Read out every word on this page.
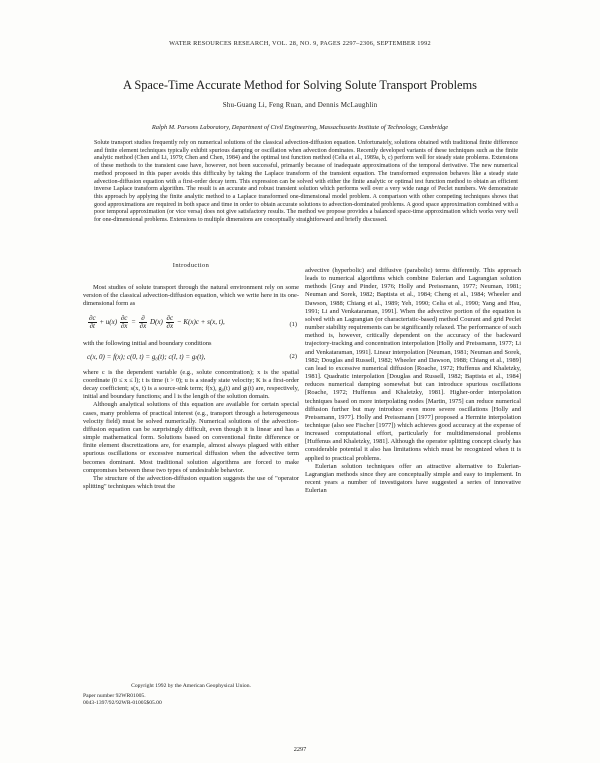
WATER RESOURCES RESEARCH, VOL. 28, NO. 9, PAGES 2297–2306, SEPTEMBER 1992
A Space-Time Accurate Method for Solving Solute Transport Problems
Shu-Guang Li, Feng Ruan, and Dennis McLaughlin
Ralph M. Parsons Laboratory, Department of Civil Engineering, Massachusetts Institute of Technology, Cambridge
Solute transport studies frequently rely on numerical solutions of the classical advection-diffusion equation. Unfortunately, solutions obtained with traditional finite difference and finite element techniques typically exhibit spurious damping or oscillation when advection dominates. Recently developed variants of these techniques such as the finite analytic method (Chen and Li, 1979; Chen and Chen, 1984) and the optimal test function method (Celia et al., 1989a, b, c) perform well for steady state problems. Extensions of these methods to the transient case have, however, not been successful, primarily because of inadequate approximations of the temporal derivative. The new numerical method proposed in this paper avoids this difficulty by taking the Laplace transform of the transient equation. The transformed expression behaves like a steady state advection-diffusion equation with a first-order decay term. This expression can be solved with either the finite analytic or optimal test function method to obtain an efficient inverse Laplace transform algorithm. The result is an accurate and robust transient solution which performs well over a very wide range of Peclet numbers. We demonstrate this approach by applying the finite analytic method to a Laplace transformed one-dimensional model problem. A comparison with other competing techniques shows that good approximations are required in both space and time in order to obtain accurate solutions to advection-dominated problems. A good space approximation combined with a poor temporal approximation (or vice versa) does not give satisfactory results. The method we propose provides a balanced space-time approximation which works very well for one-dimensional problems. Extensions to multiple dimensions are conceptually straightforward and briefly discussed.
Introduction

Most studies of solute transport through the natural environment rely on some version of the classical advection-diffusion equation, which we write here in its one-dimensional form as

$\frac{\partial c}{\partial t} + u(x) \frac{\partial c}{\partial x} = \frac{\partial}{\partial x} D(x) \frac{\partial c}{\partial x} - K(x)c + s(x$, t),	(1)

with the following initial and boundary conditions

c(x, 0) = f(x); c(0, t) = g₀(t); c(l, t) = gₗ(t),	(2)

where c is the dependent variable (e.g., solute concentration); x is the spatial coordinate (0 ≤ x ≤ l); t is time (t > 0); u is a steady state velocity; K is a first-order decay coefficient; s(x, t) is a source-sink term; f(x), g₀(t) and gₗ(t) are, respectively, initial and boundary functions; and l is the length of the solution domain.

Although analytical solutions of this equation are available for certain special cases, many problems of practical interest (e.g., transport through a heterogeneous velocity field) must be solved numerically. Numerical solutions of the advection-diffusion equation can be surprisingly difficult, even though it is linear and has a simple mathematical form. Solutions based on conventional finite difference or finite element discretizations are, for example, almost always plagued with either spurious oscillations or excessive numerical diffusion when the advective term becomes dominant. Most traditional solution algorithms are forced to make compromises between these two types of undesirable behavior.

The structure of the advection-diffusion equation suggests the use of "operator splitting" techniques which treat the

advective (hyperbolic) and diffusive (parabolic) terms differently. This approach leads to numerical algorithms which combine Eulerian and Lagrangian solution methods [Gray and Pinder, 1976; Holly and Preissmann, 1977; Neuman, 1981; Neuman and Sorek, 1982; Baptista et al., 1984; Cheng et al., 1984; Wheeler and Dawson, 1988; Chiang et al., 1989; Yeh, 1990; Celia et al., 1990; Yang and Hsu, 1991; Li and Venkataraman, 1991]. When the advective portion of the equation is solved with an Lagrangian (or characteristic-based) method Courant and grid Peclet number stability requirements can be significantly relaxed. The performance of such method is, however, critically dependent on the accuracy of the backward trajectory-tracking and concentration interpolation [Holly and Preissmann, 1977; Li and Venkataraman, 1991]. Linear interpolation [Neuman, 1981; Neuman and Sorek, 1982; Douglas and Russell, 1982; Wheeler and Dawson, 1988; Chiang et al., 1989] can lead to excessive numerical diffusion [Roache, 1972; Huffenus and Khaletzky, 1981]. Quadratic interpolation [Douglas and Russell, 1982; Baptista et al., 1984] reduces numerical damping somewhat but can introduce spurious oscillations [Roache, 1972; Huffenus and Khaletzky, 1981]. Higher-order interpolation techniques based on more interpolating nodes [Martin, 1975] can reduce numerical diffusion further but may introduce even more severe oscillations [Holly and Preissmann, 1977]. Holly and Preissmann [1977] proposed a Hermite interpolation technique (also see Fischer [1977]) which achieves good accuracy at the expense of increased computational effort, particularly for multidimensional problems [Huffenus and Khaletzky, 1981]. Although the operator splitting concept clearly has considerable potential it also has limitations which must be recognized when it is applied to practical problems.

Eulerian solution techniques offer an attractive alternative to Eulerian-Lagrangian methods since they are conceptually simple and easy to implement. In recent years a number of investigators have suggested a series of innovative Eulerian

Copyright 1992 by the American Geophysical Union.
Paper number 92WR01005.
0043-1397/92/92WR-01005$05.00
2297
